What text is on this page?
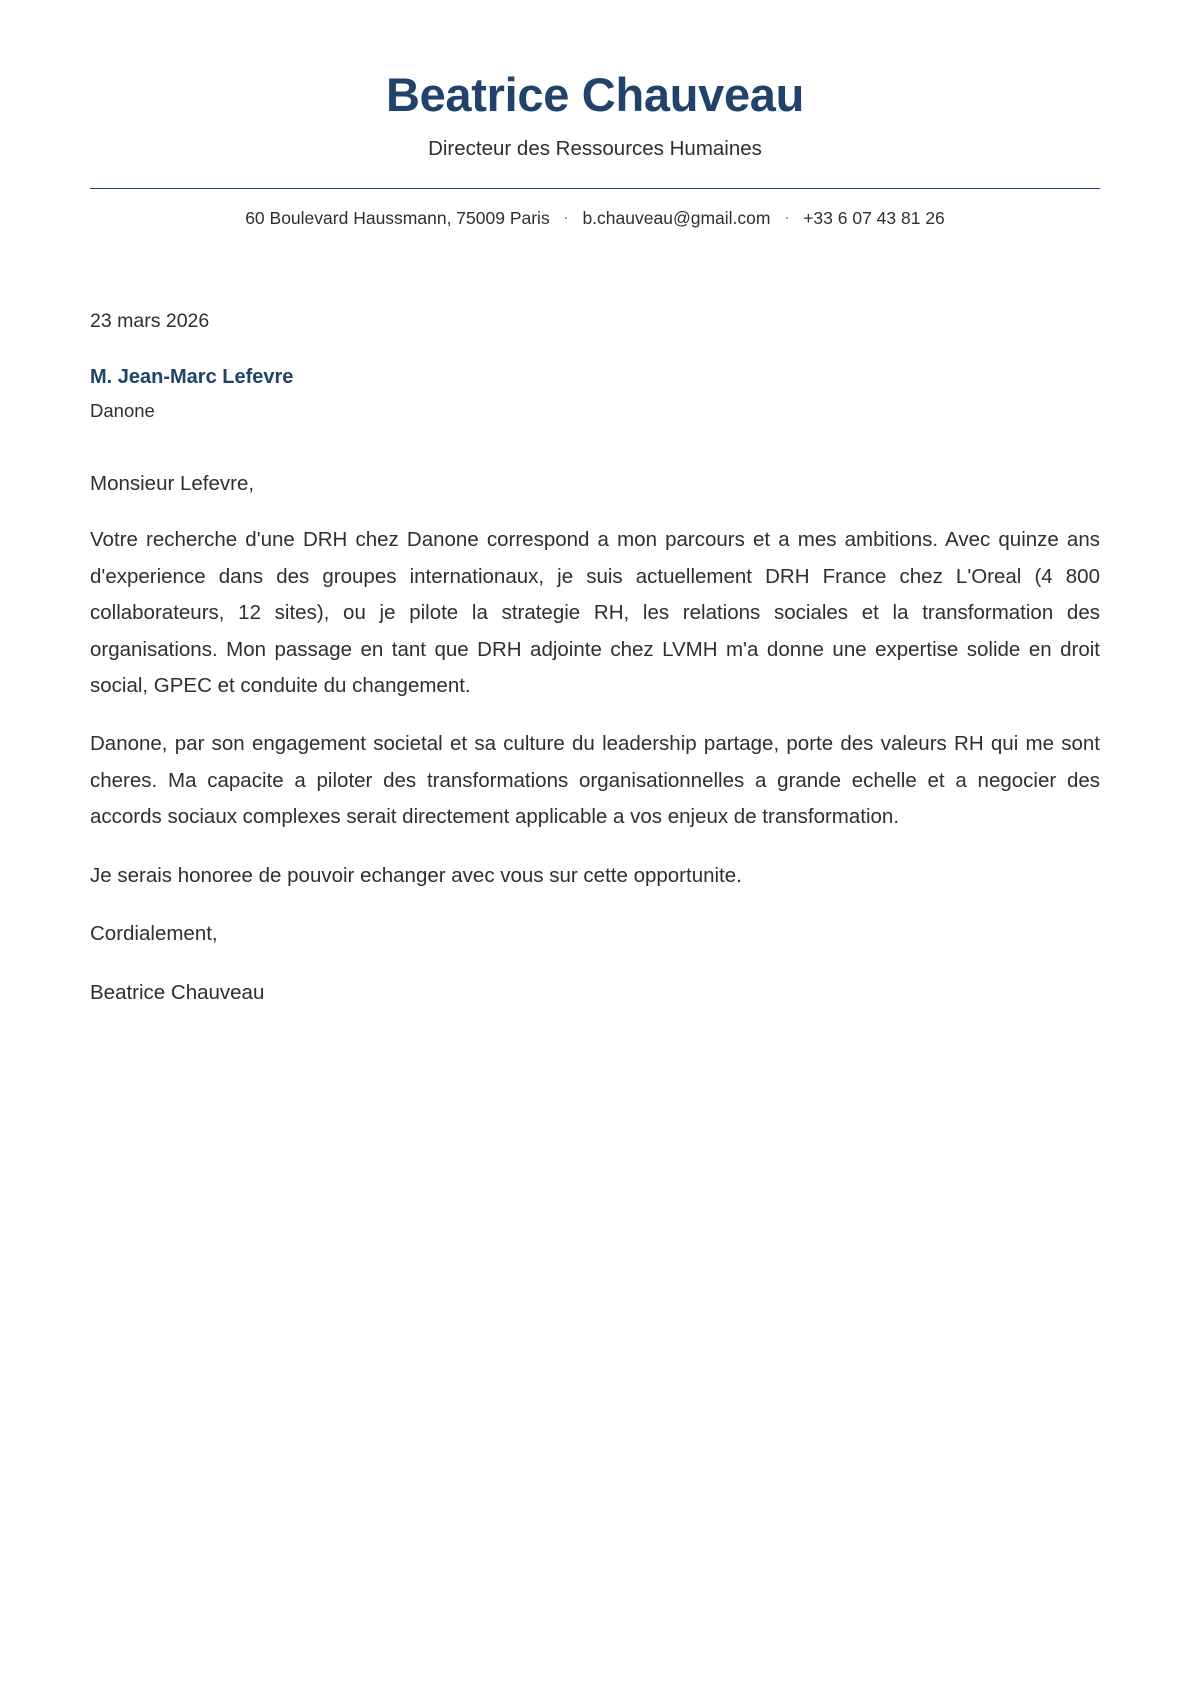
Beatrice Chauveau
Directeur des Ressources Humaines
60 Boulevard Haussmann, 75009 Paris · b.chauveau@gmail.com · +33 6 07 43 81 26
23 mars 2026
M. Jean-Marc Lefevre
Danone
Monsieur Lefevre,

Votre recherche d'une DRH chez Danone correspond a mon parcours et a mes ambitions. Avec quinze ans d'experience dans des groupes internationaux, je suis actuellement DRH France chez L'Oreal (4 800 collaborateurs, 12 sites), ou je pilote la strategie RH, les relations sociales et la transformation des organisations. Mon passage en tant que DRH adjointe chez LVMH m'a donne une expertise solide en droit social, GPEC et conduite du changement.

Danone, par son engagement societal et sa culture du leadership partage, porte des valeurs RH qui me sont cheres. Ma capacite a piloter des transformations organisationnelles a grande echelle et a negocier des accords sociaux complexes serait directement applicable a vos enjeux de transformation.

Je serais honoree de pouvoir echanger avec vous sur cette opportunite.

Cordialement,
Beatrice Chauveau
